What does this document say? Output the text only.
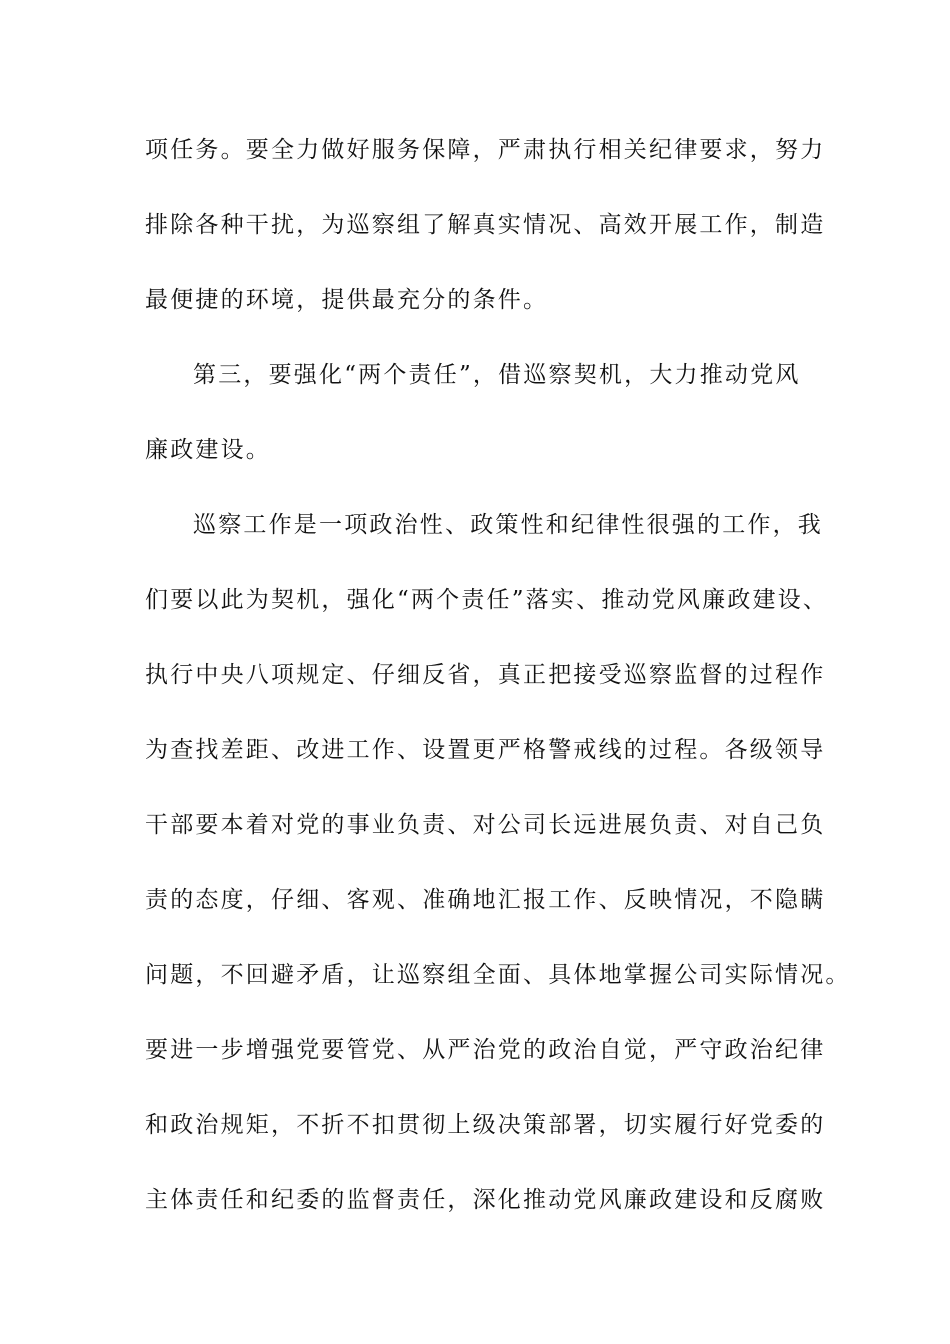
项任务。要全力做好服务保障，严肃执行相关纪律要求，努力
排除各种干扰，为巡察组了解真实情况、高效开展工作，制造
最便捷的环境，提供最充分的条件。
第三，要强化“两个责任”，借巡察契机，大力推动党风
廉政建设。
巡察工作是一项政治性、政策性和纪律性很强的工作，我
们要以此为契机，强化“两个责任”落实、推动党风廉政建设、
执行中央八项规定、仔细反省，真正把接受巡察监督的过程作
为查找差距、改进工作、设置更严格警戒线的过程。各级领导
干部要本着对党的事业负责、对公司长远进展负责、对自己负
责的态度，仔细、客观、准确地汇报工作、反映情况，不隐瞒
问题，不回避矛盾，让巡察组全面、具体地掌握公司实际情况。
要进一步增强党要管党、从严治党的政治自觉，严守政治纪律
和政治规矩，不折不扣贯彻上级决策部署，切实履行好党委的
主体责任和纪委的监督责任，深化推动党风廉政建设和反腐败
